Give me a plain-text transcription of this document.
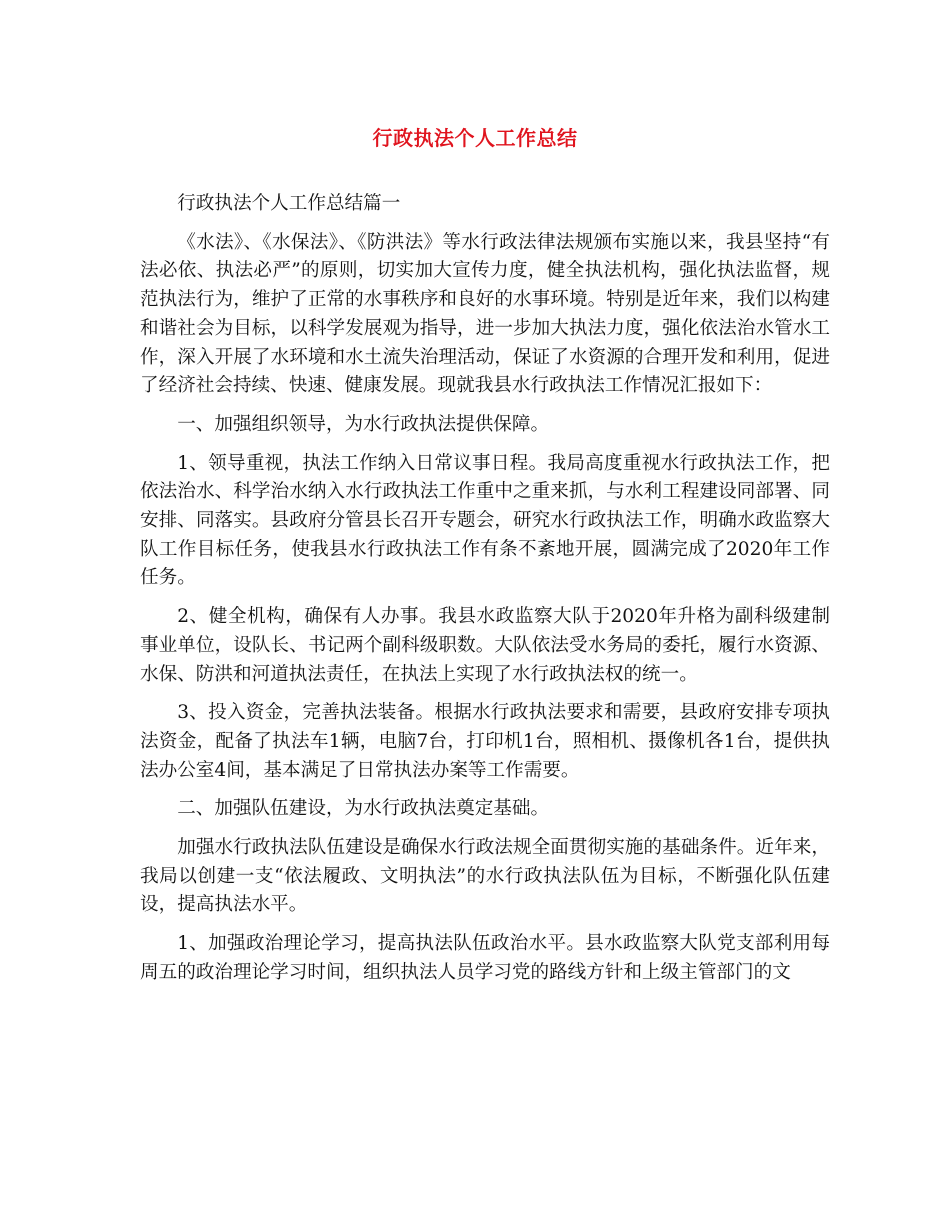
行政执法个人工作总结

行政执法个人工作总结篇一

《水法》、《水保法》、《防洪法》等水行政法律法规颁布实施以来，我县坚持“有法必依、执法必严”的原则，切实加大宣传力度，健全执法机构，强化执法监督，规范执法行为，维护了正常的水事秩序和良好的水事环境。特别是近年来，我们以构建和谐社会为目标，以科学发展观为指导，进一步加大执法力度，强化依法治水管水工作，深入开展了水环境和水土流失治理活动，保证了水资源的合理开发和利用，促进了经济社会持续、快速、健康发展。现就我县水行政执法工作情况汇报如下：

一、加强组织领导，为水行政执法提供保障。

1、领导重视，执法工作纳入日常议事日程。我局高度重视水行政执法工作，把依法治水、科学治水纳入水行政执法工作重中之重来抓，与水利工程建设同部署、同安排、同落实。县政府分管县长召开专题会，研究水行政执法工作，明确水政监察大队工作目标任务，使我县水行政执法工作有条不紊地开展，圆满完成了2020年工作任务。

2、健全机构，确保有人办事。我县水政监察大队于2020年升格为副科级建制事业单位，设队长、书记两个副科级职数。大队依法受水务局的委托，履行水资源、水保、防洪和河道执法责任，在执法上实现了水行政执法权的统一。

3、投入资金，完善执法装备。根据水行政执法要求和需要，县政府安排专项执法资金，配备了执法车1辆，电脑7台，打印机1台，照相机、摄像机各1台，提供执法办公室4间，基本满足了日常执法办案等工作需要。

二、加强队伍建设，为水行政执法奠定基础。

加强水行政执法队伍建设是确保水行政法规全面贯彻实施的基础条件。近年来，我局以创建一支“依法履政、文明执法”的水行政执法队伍为目标，不断强化队伍建设，提高执法水平。

1、加强政治理论学习，提高执法队伍政治水平。县水政监察大队党支部利用每周五的政治理论学习时间，组织执法人员学习党的路线方针和上级主管部门的文
